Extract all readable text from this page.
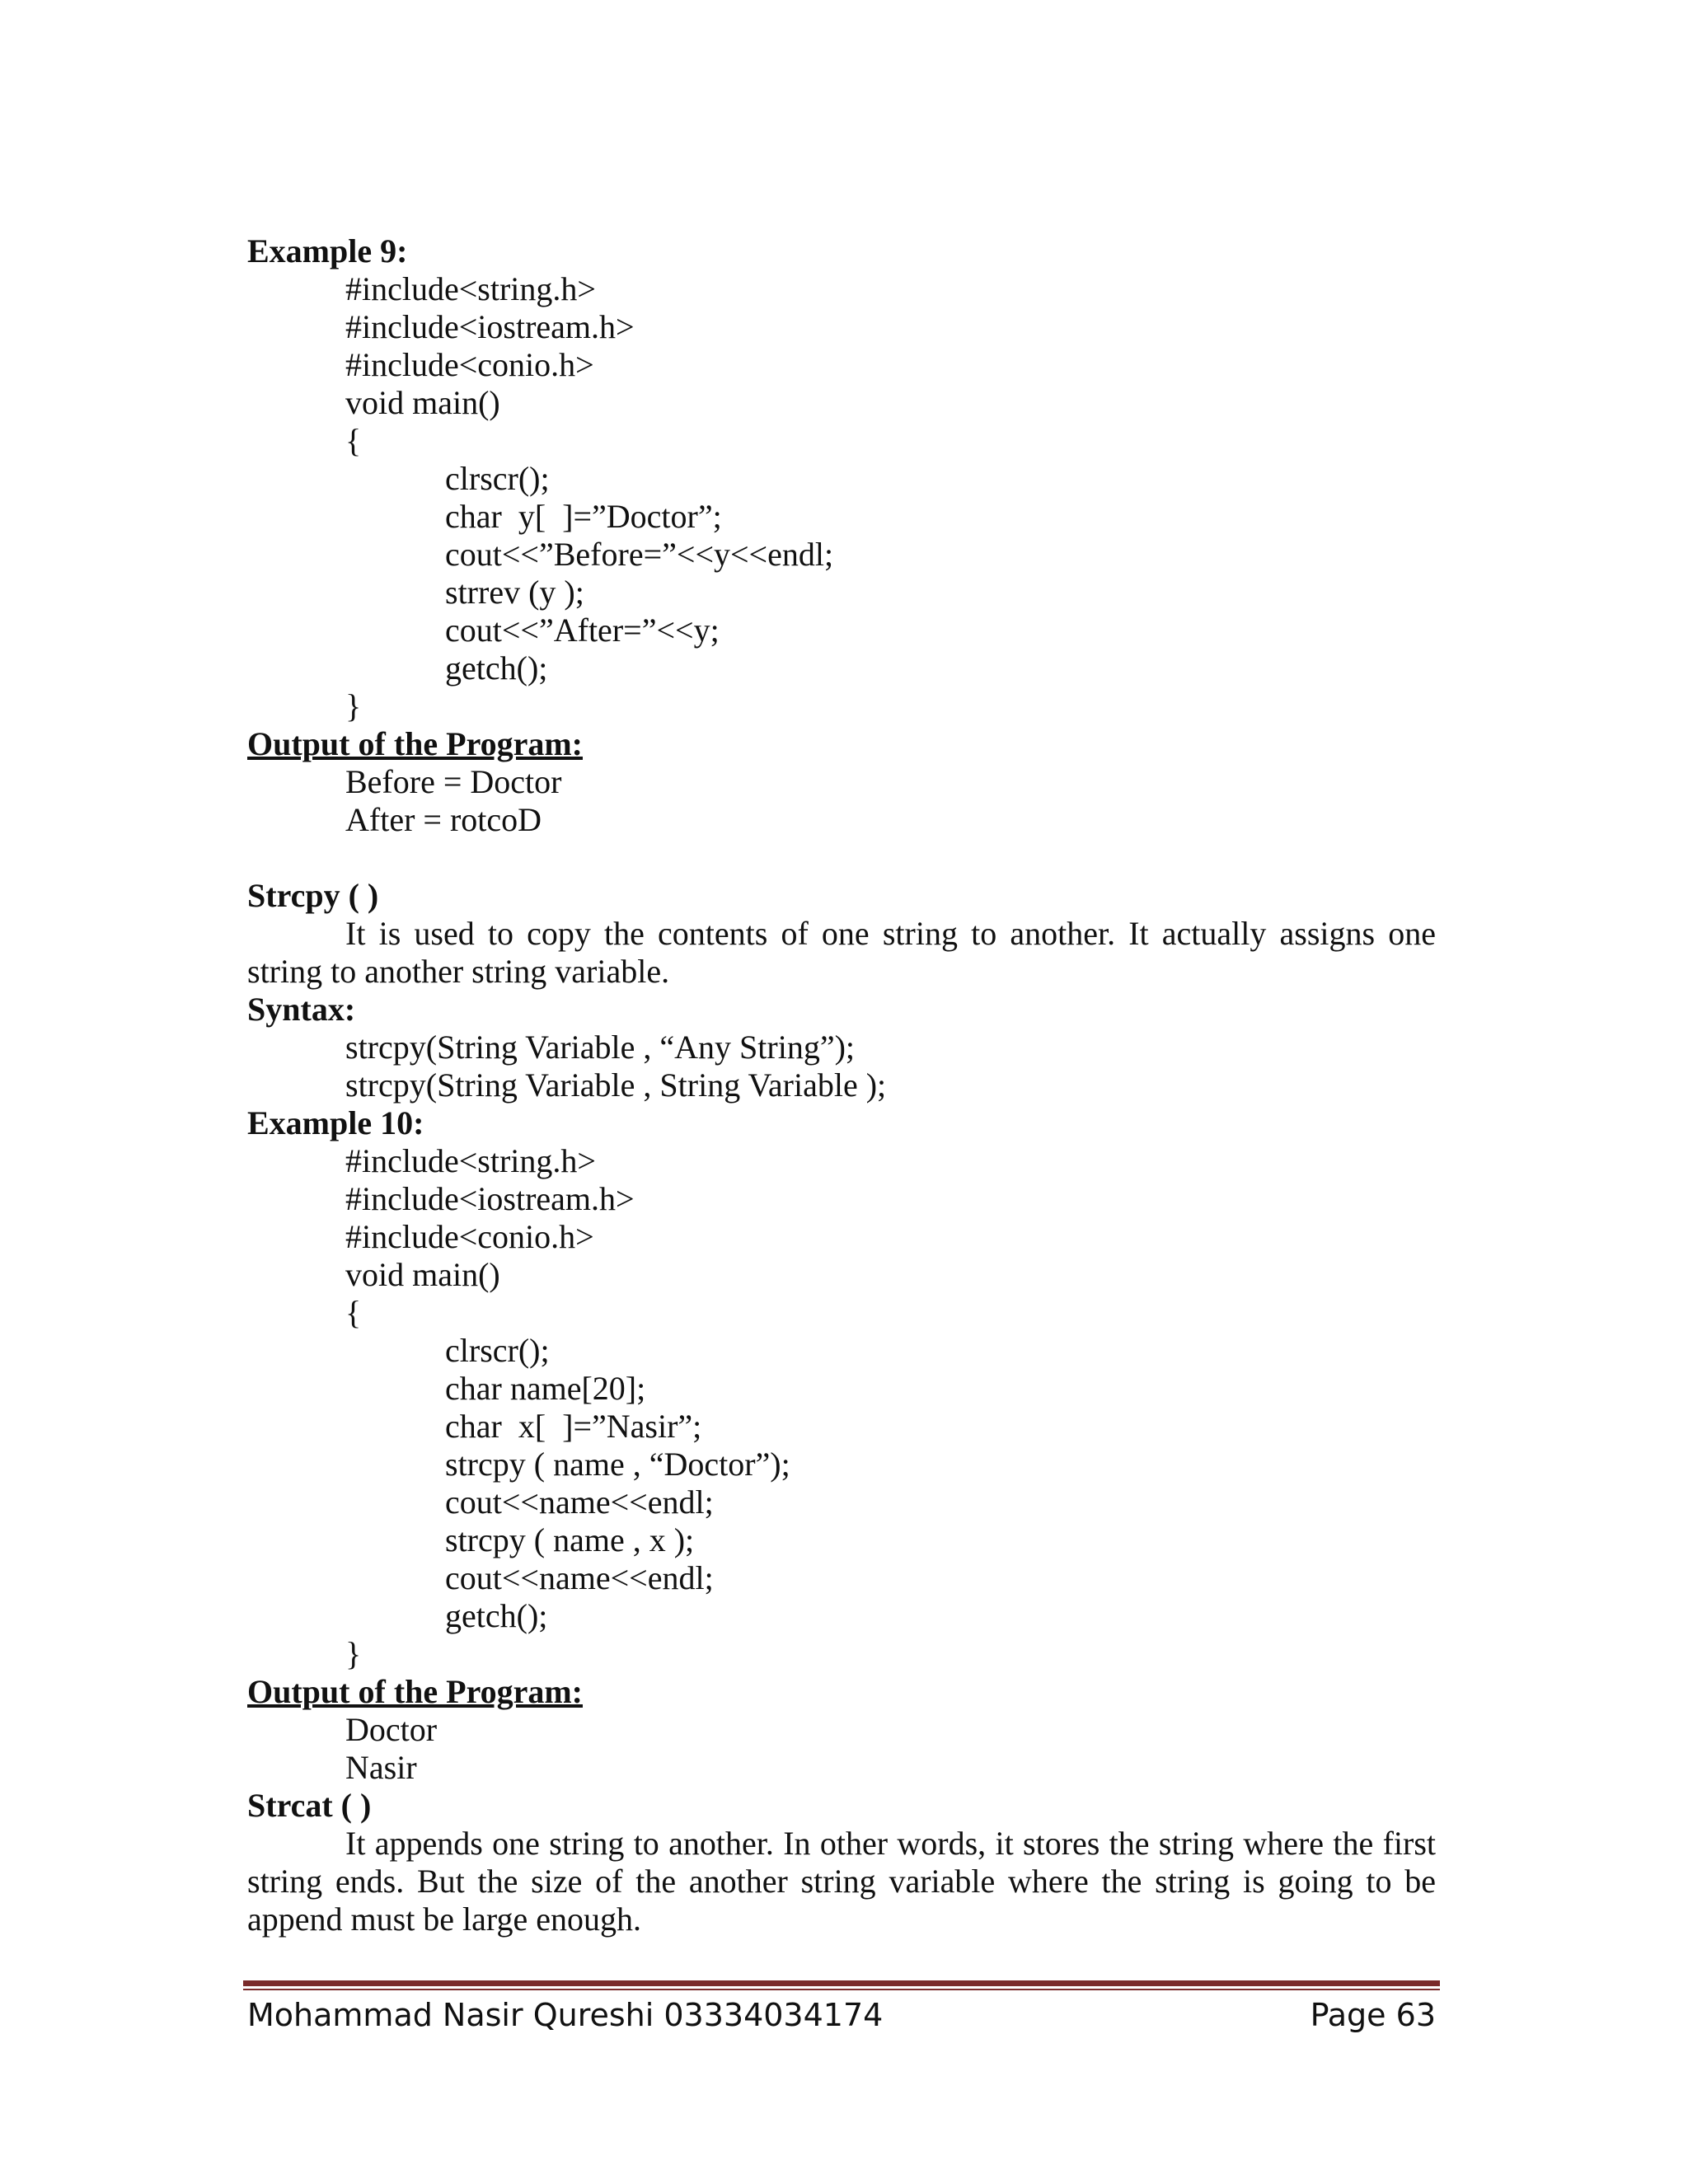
Example 9:

#include<string.h>

#include<iostream.h>

#include<conio.h>

void main()

{

clrscr();

char  y[  ]=”Doctor”;

cout<<”Before=”<<y<<endl;

strrev (y );

cout<<”After=”<<y;

getch();

}

Output of the Program:

Before = Doctor

After = rotcoD

Strcpy ( )

It is used to copy the contents of one string to another. It actually assigns one string to another string variable.

Syntax:

strcpy(String Variable , “Any String”);

strcpy(String Variable , String Variable );

Example 10:

#include<string.h>

#include<iostream.h>

#include<conio.h>

void main()

{

clrscr();

char name[20];

char  x[  ]=”Nasir”;

strcpy ( name , “Doctor”);

cout<<name<<endl;

strcpy ( name , x );

cout<<name<<endl;

getch();

}

Output of the Program:

Doctor

Nasir

Strcat ( )

It appends one string to another. In other words, it stores the string where the first string ends. But the size of the another string variable where the string is going to be append must be large enough.

Mohammad Nasir Qureshi 03334034174	Page 63
